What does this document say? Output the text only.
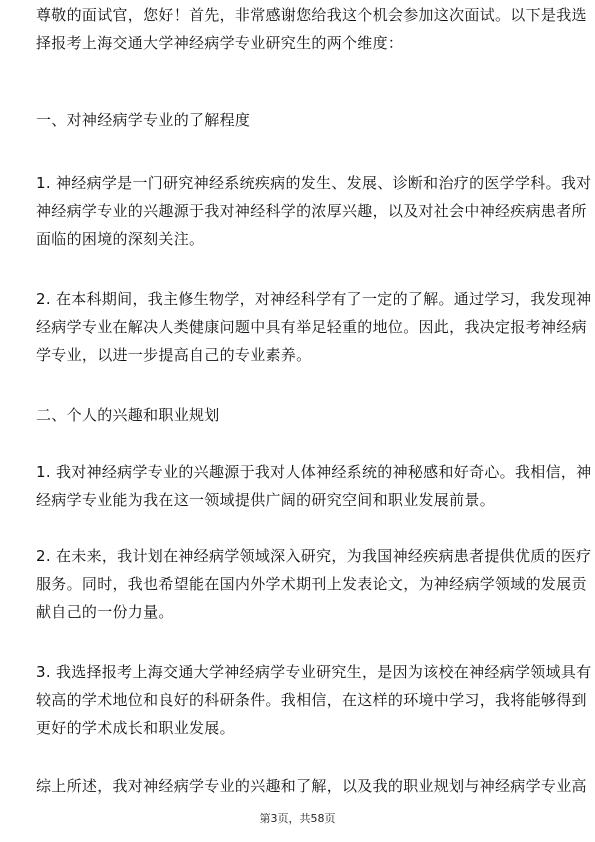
尊敬的面试官，您好！首先，非常感谢您给我这个机会参加这次面试。以下是我选
择报考上海交通大学神经病学专业研究生的两个维度：
一、对神经病学专业的了解程度
1. 神经病学是一门研究神经系统疾病的发生、发展、诊断和治疗的医学学科。我对
神经病学专业的兴趣源于我对神经科学的浓厚兴趣，以及对社会中神经疾病患者所
面临的困境的深刻关注。
2. 在本科期间，我主修生物学，对神经科学有了一定的了解。通过学习，我发现神
经病学专业在解决人类健康问题中具有举足轻重的地位。因此，我决定报考神经病
学专业，以进一步提高自己的专业素养。
二、个人的兴趣和职业规划
1. 我对神经病学专业的兴趣源于我对人体神经系统的神秘感和好奇心。我相信，神
经病学专业能为我在这一领域提供广阔的研究空间和职业发展前景。
2. 在未来，我计划在神经病学领域深入研究，为我国神经疾病患者提供优质的医疗
服务。同时，我也希望能在国内外学术期刊上发表论文，为神经病学领域的发展贡
献自己的一份力量。
3. 我选择报考上海交通大学神经病学专业研究生，是因为该校在神经病学领域具有
较高的学术地位和良好的科研条件。我相信，在这样的环境中学习，我将能够得到
更好的学术成长和职业发展。
综上所述，我对神经病学专业的兴趣和了解，以及我的职业规划与神经病学专业高
第3页，共58页
